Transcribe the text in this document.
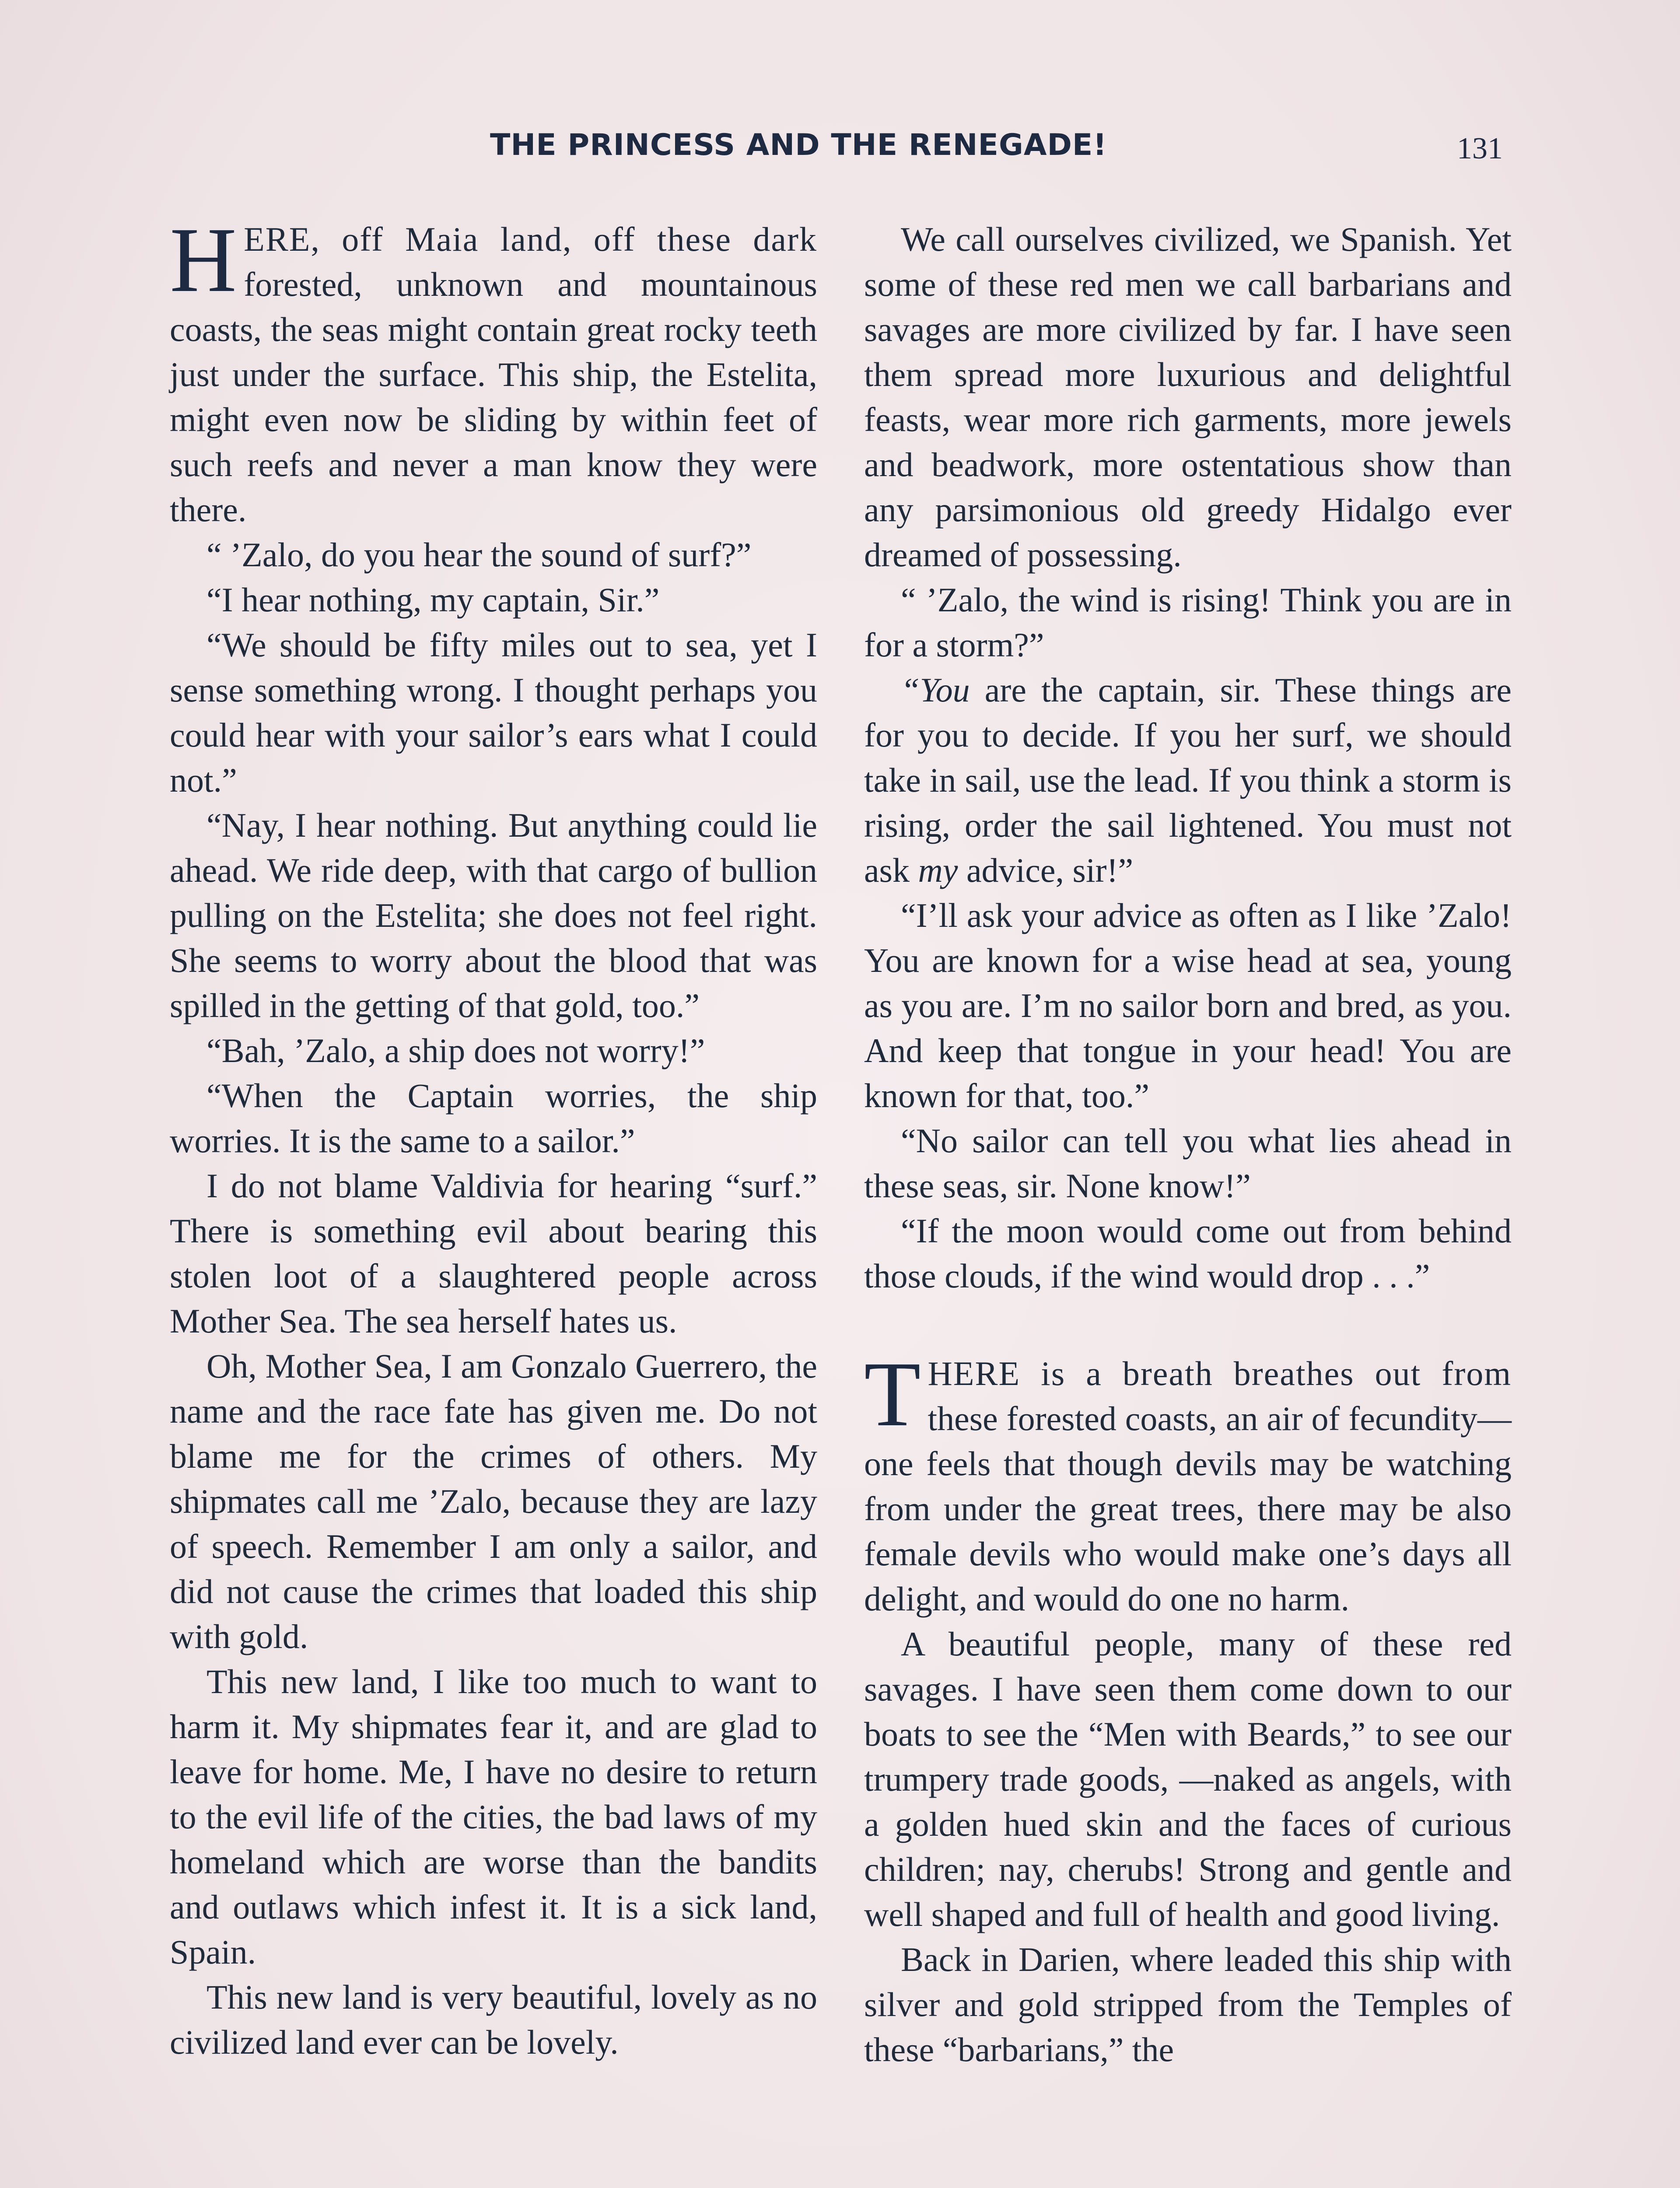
THE PRINCESS AND THE RENEGADE!	131

HERE, off Maia land, off these dark forested, unknown and mountainous coasts, the seas might contain great rocky teeth just under the surface. This ship, the Estelita, might even now be sliding by within feet of such reefs and never a man know they were there.

“ ’Zalo, do you hear the sound of surf?”

“I hear nothing, my captain, Sir.”

“We should be fifty miles out to sea, yet I sense something wrong. I thought perhaps you could hear with your sailor’s ears what I could not.”

“Nay, I hear nothing. But anything could lie ahead. We ride deep, with that cargo of bullion pulling on the Estelita; she does not feel right. She seems to worry about the blood that was spilled in the getting of that gold, too.”

“Bah, ’Zalo, a ship does not worry!”

“When the Captain worries, the ship worries. It is the same to a sailor.”

I do not blame Valdivia for hearing “surf.” There is something evil about bearing this stolen loot of a slaughtered people across Mother Sea. The sea herself hates us.

Oh, Mother Sea, I am Gonzalo Guerrero, the name and the race fate has given me. Do not blame me for the crimes of others. My shipmates call me ’Zalo, because they are lazy of speech. Remember I am only a sailor, and did not cause the crimes that loaded this ship with gold.

This new land, I like too much to want to harm it. My shipmates fear it, and are glad to leave for home. Me, I have no desire to return to the evil life of the cities, the bad laws of my homeland which are worse than the bandits and outlaws which infest it. It is a sick land, Spain.

This new land is very beautiful, lovely as no civilized land ever can be lovely.

We call ourselves civilized, we Spanish. Yet some of these red men we call barbarians and savages are more civilized by far. I have seen them spread more luxurious and delightful feasts, wear more rich garments, more jewels and beadwork, more ostentatious show than any parsimonious old greedy Hidalgo ever dreamed of possessing.

“ ’Zalo, the wind is rising! Think you are in for a storm?”

“You are the captain, sir. These things are for you to decide. If you her surf, we should take in sail, use the lead. If you think a storm is rising, order the sail lightened. You must not ask my advice, sir!”

“I’ll ask your advice as often as I like ’Zalo! You are known for a wise head at sea, young as you are. I’m no sailor born and bred, as you. And keep that tongue in your head! You are known for that, too.”

“No sailor can tell you what lies ahead in these seas, sir. None know!”

“If the moon would come out from behind those clouds, if the wind would drop . . .”

THERE is a breath breathes out from these forested coasts, an air of fecundity—one feels that though devils may be watching from under the great trees, there may be also female devils who would make one’s days all delight, and would do one no harm.

A beautiful people, many of these red savages. I have seen them come down to our boats to see the “Men with Beards,” to see our trumpery trade goods, —naked as angels, with a golden hued skin and the faces of curious children; nay, cherubs! Strong and gentle and well shaped and full of health and good living.

Back in Darien, where leaded this ship with silver and gold stripped from the Temples of these “barbarians,” the
